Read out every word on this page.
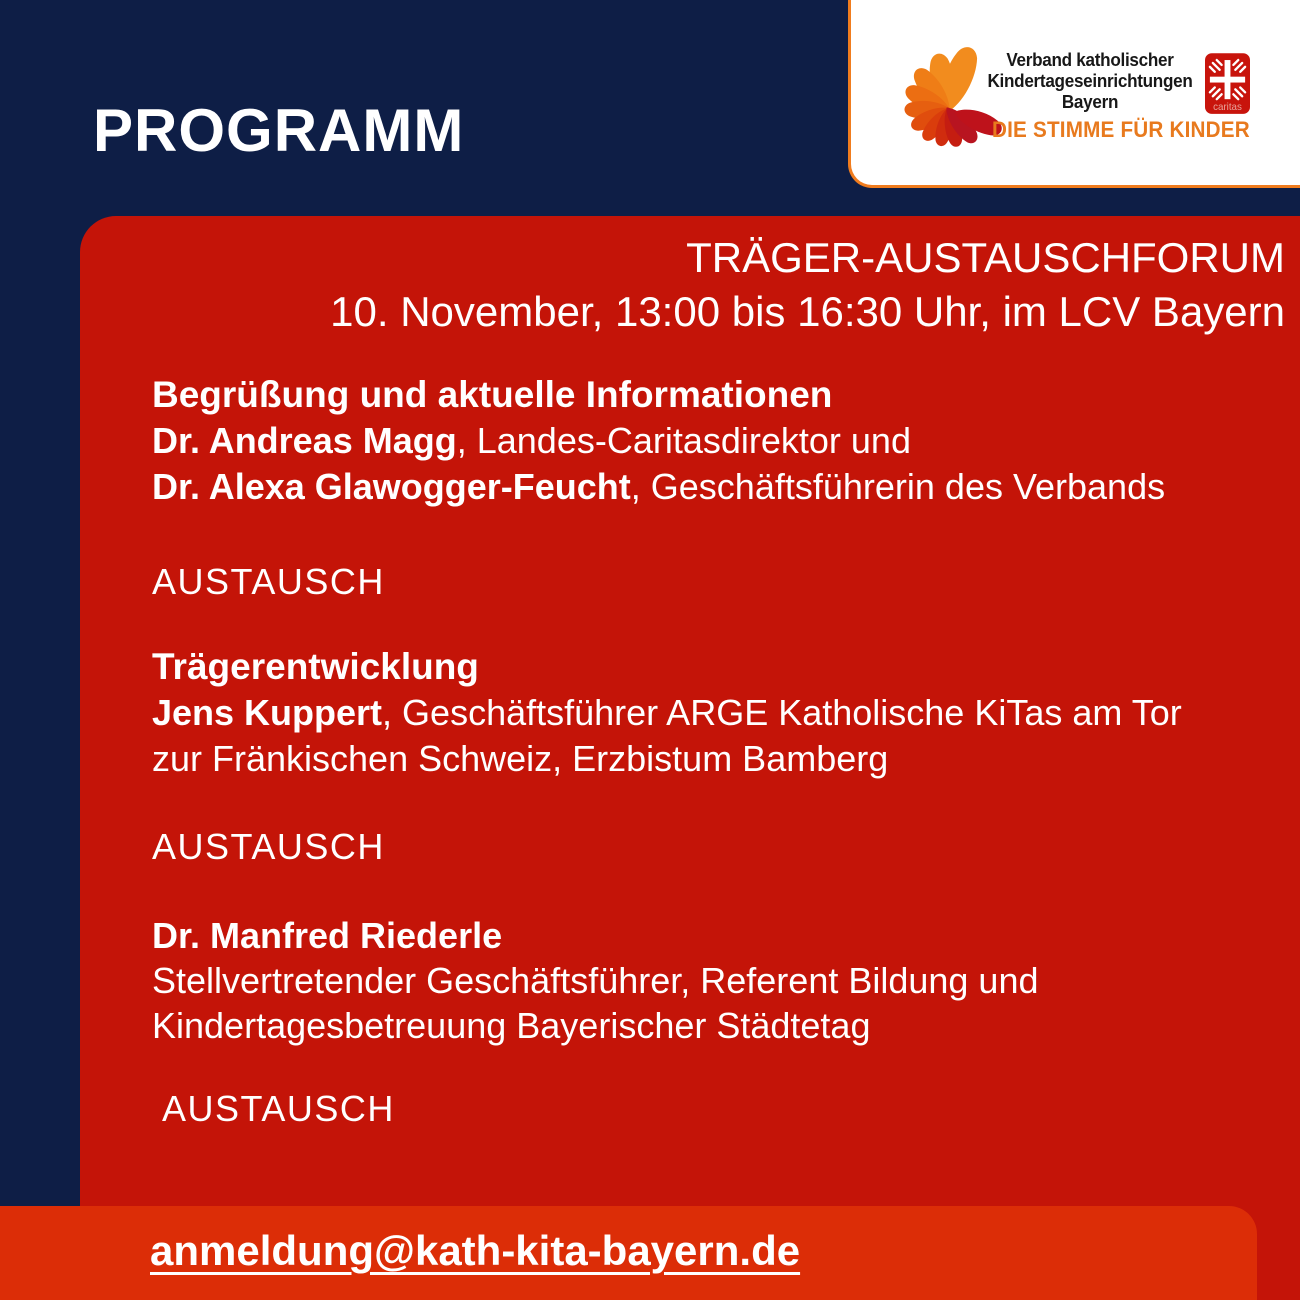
PROGRAMM
Verband katholischer
Kindertageseinrichtungen
Bayern
DIE STIMME FÜR KINDER
caritas
TRÄGER-AUSTAUSCHFORUM
10. November, 13:00 bis 16:30 Uhr, im LCV Bayern
Begrüßung und aktuelle Informationen
Dr. Andreas Magg, Landes-Caritasdirektor und
Dr. Alexa Glawogger-Feucht, Geschäftsführerin des Verbands
AUSTAUSCH
Trägerentwicklung
Jens Kuppert, Geschäftsführer ARGE Katholische KiTas am Tor
zur Fränkischen Schweiz, Erzbistum Bamberg
AUSTAUSCH
Dr. Manfred Riederle
Stellvertretender Geschäftsführer, Referent Bildung und
Kindertagesbetreuung Bayerischer Städtetag
AUSTAUSCH
anmeldung@kath-kita-bayern.de
